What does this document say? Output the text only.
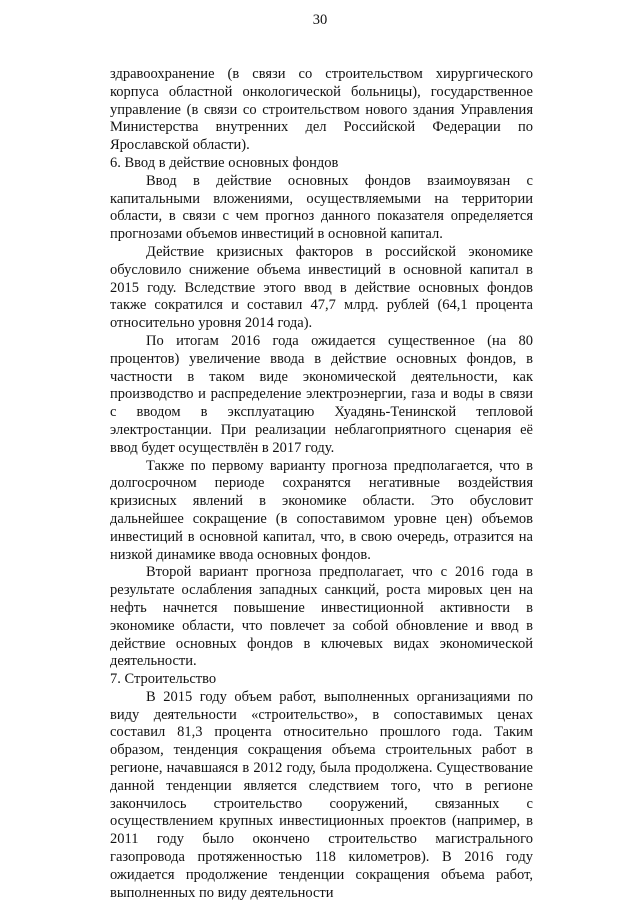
30

здравоохранение (в связи со строительством хирургического корпуса областной онкологической больницы), государственное управление (в связи со строительством нового здания Управления Министерства внутренних дел Российской Федерации по Ярославской области).

6. Ввод в действие основных фондов

Ввод в действие основных фондов взаимоувязан с капитальными вложениями, осуществляемыми на территории области, в связи с чем прогноз данного показателя определяется прогнозами объемов инвестиций в основной капитал.

Действие кризисных факторов в российской экономике обусловило снижение объема инвестиций в основной капитал в 2015 году. Вследствие этого ввод в действие основных фондов также сократился и составил 47,7 млрд. рублей (64,1 процента относительно уровня 2014 года).

По итогам 2016 года ожидается существенное (на 80 процентов) увеличение ввода в действие основных фондов, в частности в таком виде экономической деятельности, как производство и распределение электроэнергии, газа и воды в связи с вводом в эксплуатацию Хуадянь-Тенинской тепловой электростанции. При реализации неблагоприятного сценария её ввод будет осуществлён в 2017 году.

Также по первому варианту прогноза предполагается, что в долгосрочном периоде сохранятся негативные воздействия кризисных явлений в экономике области. Это обусловит дальнейшее сокращение (в сопоставимом уровне цен) объемов инвестиций в основной капитал, что, в свою очередь, отразится на низкой динамике ввода основных фондов.

Второй вариант прогноза предполагает, что с 2016 года в результате ослабления западных санкций, роста мировых цен на нефть начнется повышение инвестиционной активности в экономике области, что повлечет за собой обновление и ввод в действие основных фондов в ключевых видах экономической деятельности.

7. Строительство

В 2015 году объем работ, выполненных организациями по виду деятельности «строительство», в сопоставимых ценах составил 81,3 процента относительно прошлого года. Таким образом, тенденция сокращения объема строительных работ в регионе, начавшаяся в 2012 году, была продолжена. Существование данной тенденции является следствием того, что в регионе закончилось строительство сооружений, связанных с осуществлением крупных инвестиционных проектов (например, в 2011 году было окончено строительство магистрального газопровода протяженностью 118 километров). В 2016 году ожидается продолжение тенденции сокращения объема работ, выполненных по виду деятельности
